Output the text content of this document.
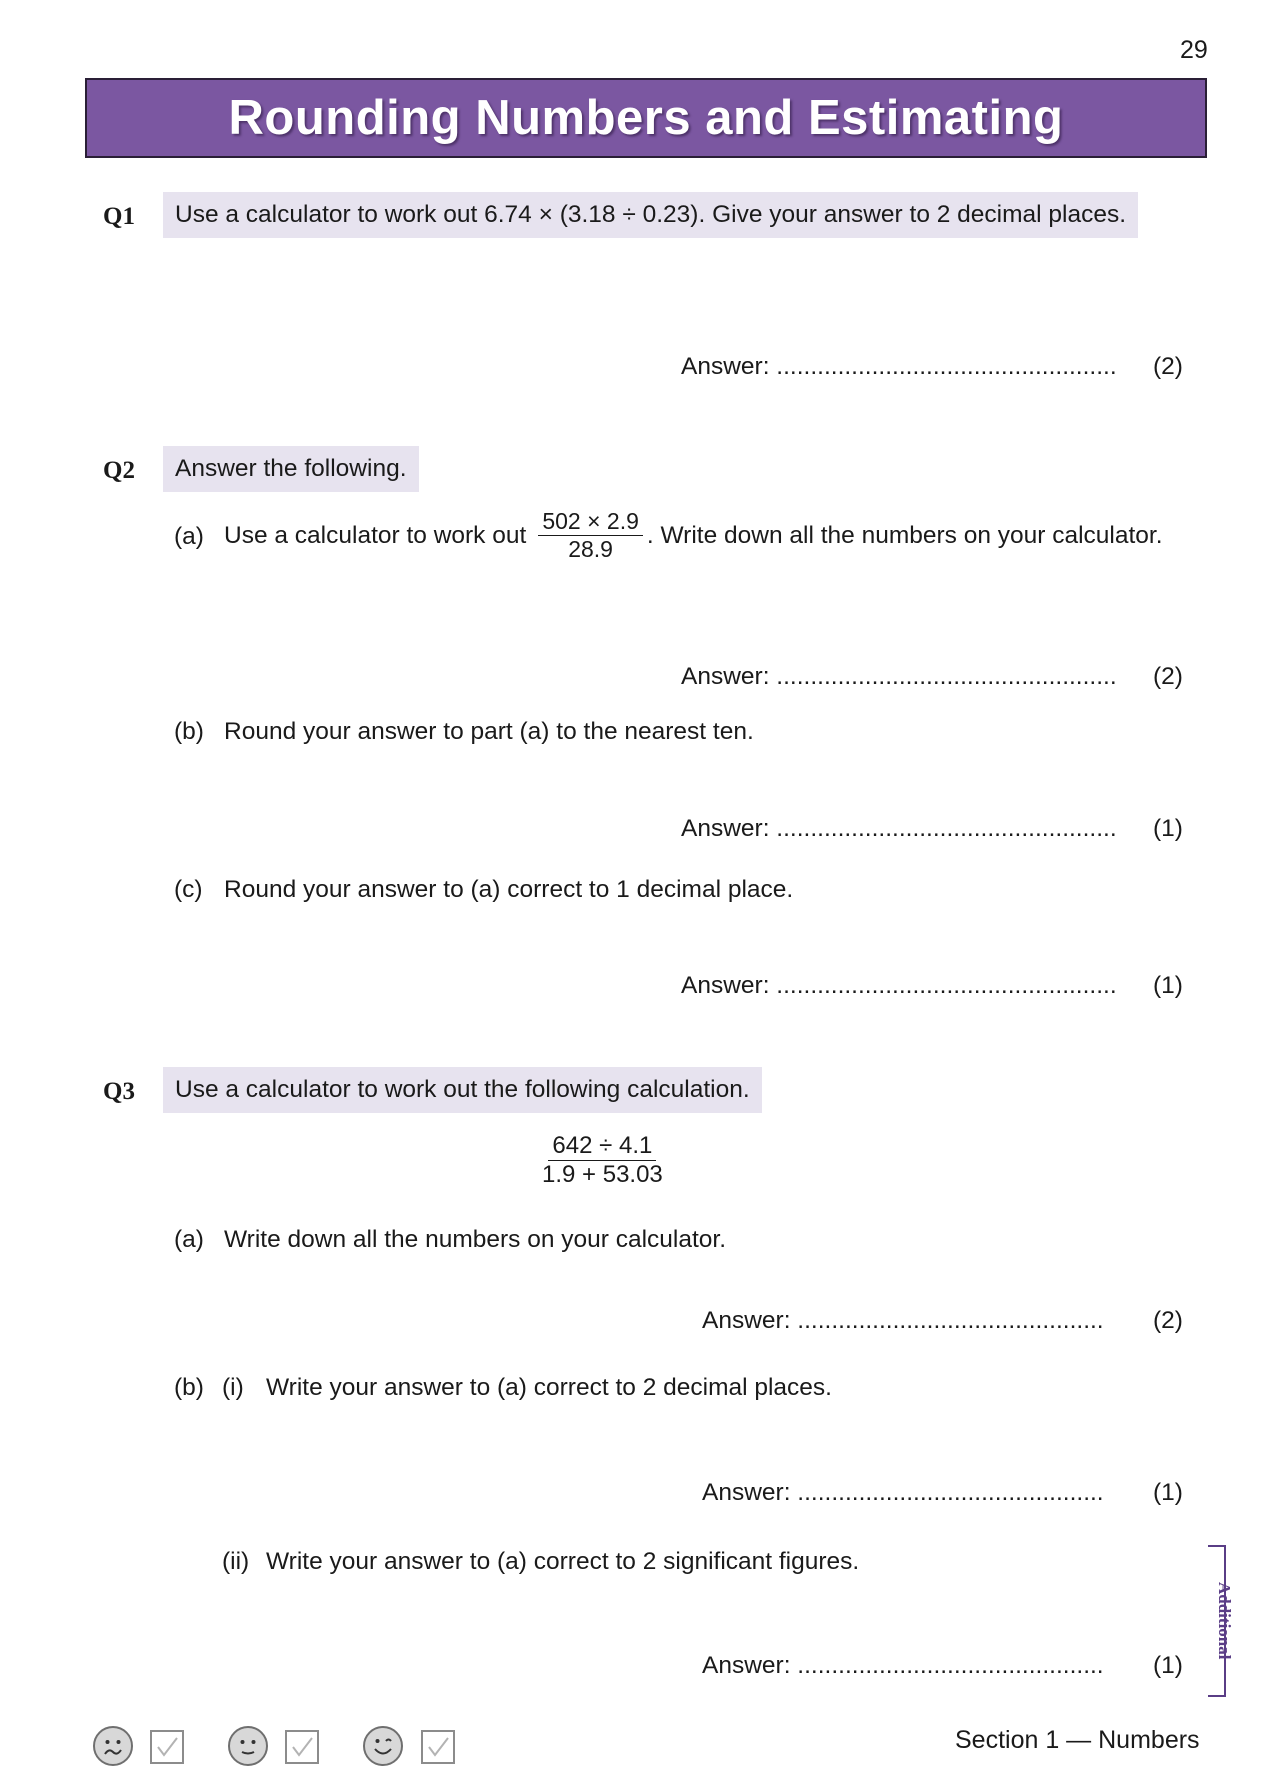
29
Rounding Numbers and Estimating
Q1	Use a calculator to work out 6.74 × (3.18 ÷ 0.23). Give your answer to 2 decimal places.
Answer: .................................................. (2)
Q2	Answer the following.
(a) Use a calculator to work out $\frac{502 \times 2.9}{28.9}$ . Write down all the numbers on your calculator.
Answer: .................................................. (2)
(b) Round your answer to part (a) to the nearest ten.
Answer: .................................................. (1)
(c) Round your answer to (a) correct to 1 decimal place.
Answer: .................................................. (1)
Q3	Use a calculator to work out the following calculation.
$\frac{642 \div 4.1}{1.9 + 53.03}$
(a) Write down all the numbers on your calculator.
Answer: ............................................. (2)
(b) (i) Write your answer to (a) correct to 2 decimal places.
Answer: ............................................. (1)
(ii) Write your answer to (a) correct to 2 significant figures.
Answer: ............................................. (1)
Additional
Section 1 — Numbers
